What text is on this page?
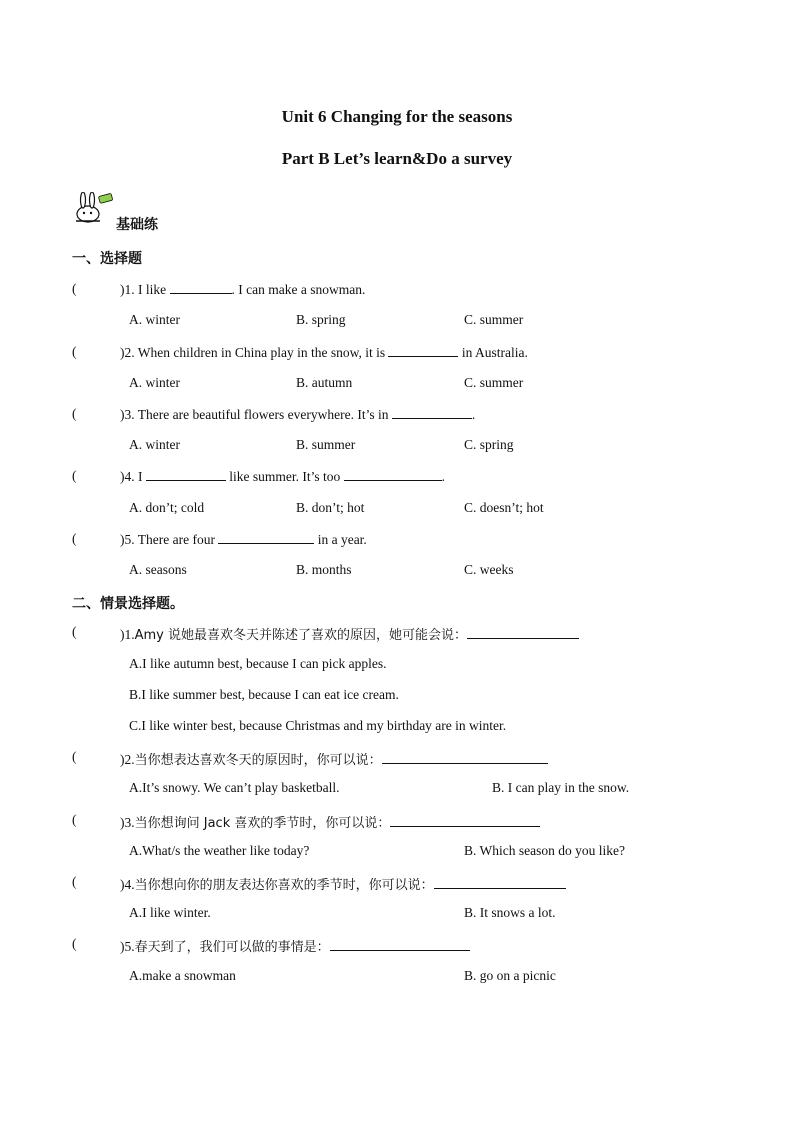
Unit 6 Changing for the seasons
Part B Let’s learn&Do a survey
基础练
一、选择题
(	)1. I like	. I can make a snowman.
A. winter	B. spring	C. summer
(	)2. When children in China play in the snow, it is	in Australia.
A. winter	B. autumn	C. summer
(	)3. There are beautiful flowers everywhere. It’s in	.
A. winter	B. summer	C. spring
(	)4. I	like summer. It’s too	.
A. don’t; cold	B. don’t; hot	C. doesn’t; hot
(	)5. There are four	in a year.
A. seasons	B. months	C. weeks
二、情景选择题。
(	)1.Amy 说她最喜欢冬天并陈述了喜欢的原因，她可能会说：
A.I like autumn best, because I can pick apples.
B.I like summer best, because I can eat ice cream.
C.I like winter best, because Christmas and my birthday are in winter.
(	)2.当你想表达喜欢冬天的原因时，你可以说：
A.It’s snowy. We can’t play basketball.	B. I can play in the snow.
(	)3.当你想询问 Jack 喜欢的季节时，你可以说：
A.What/s the weather like today?	B. Which season do you like?
(	)4.当你想向你的朋友表达你喜欢的季节时，你可以说：
A.I like winter.	B. It snows a lot.
(	)5.春天到了，我们可以做的事情是：
A.make a snowman	B. go on a picnic
